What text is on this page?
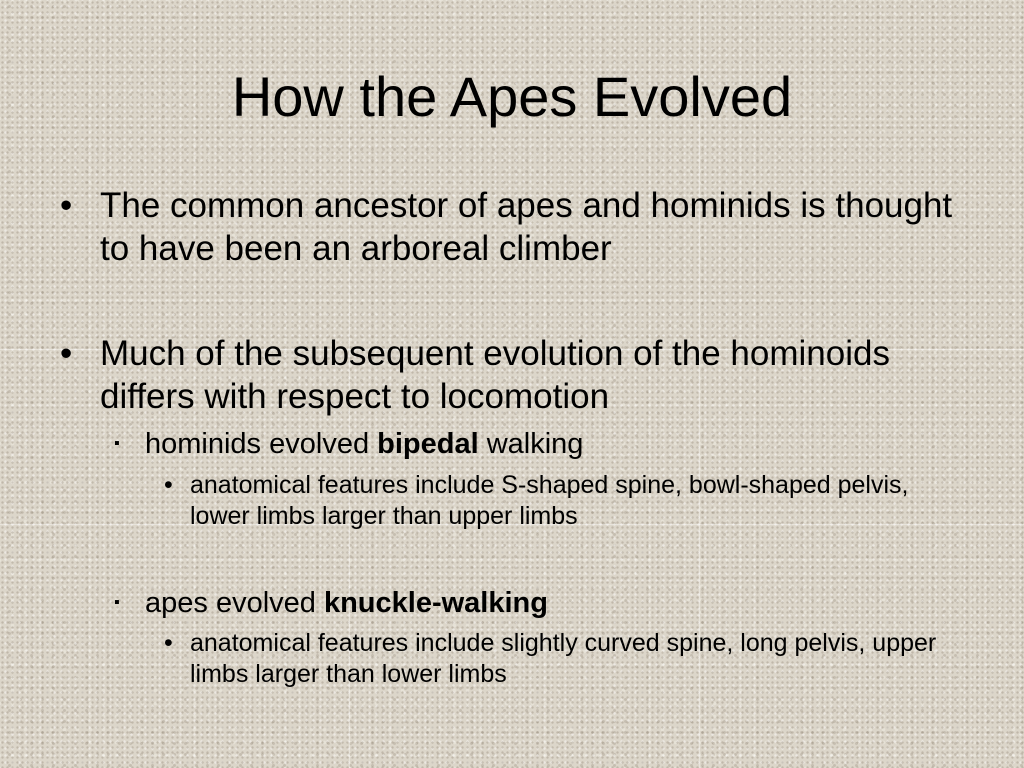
How the Apes Evolved
• The common ancestor of apes and hominids is thought to have been an arboreal climber
• Much of the subsequent evolution of the hominoids differs with respect to locomotion
▪ hominids evolved bipedal walking
• anatomical features include S-shaped spine, bowl-shaped pelvis, lower limbs larger than upper limbs
▪ apes evolved knuckle-walking
• anatomical features include slightly curved spine, long pelvis, upper limbs larger than lower limbs
